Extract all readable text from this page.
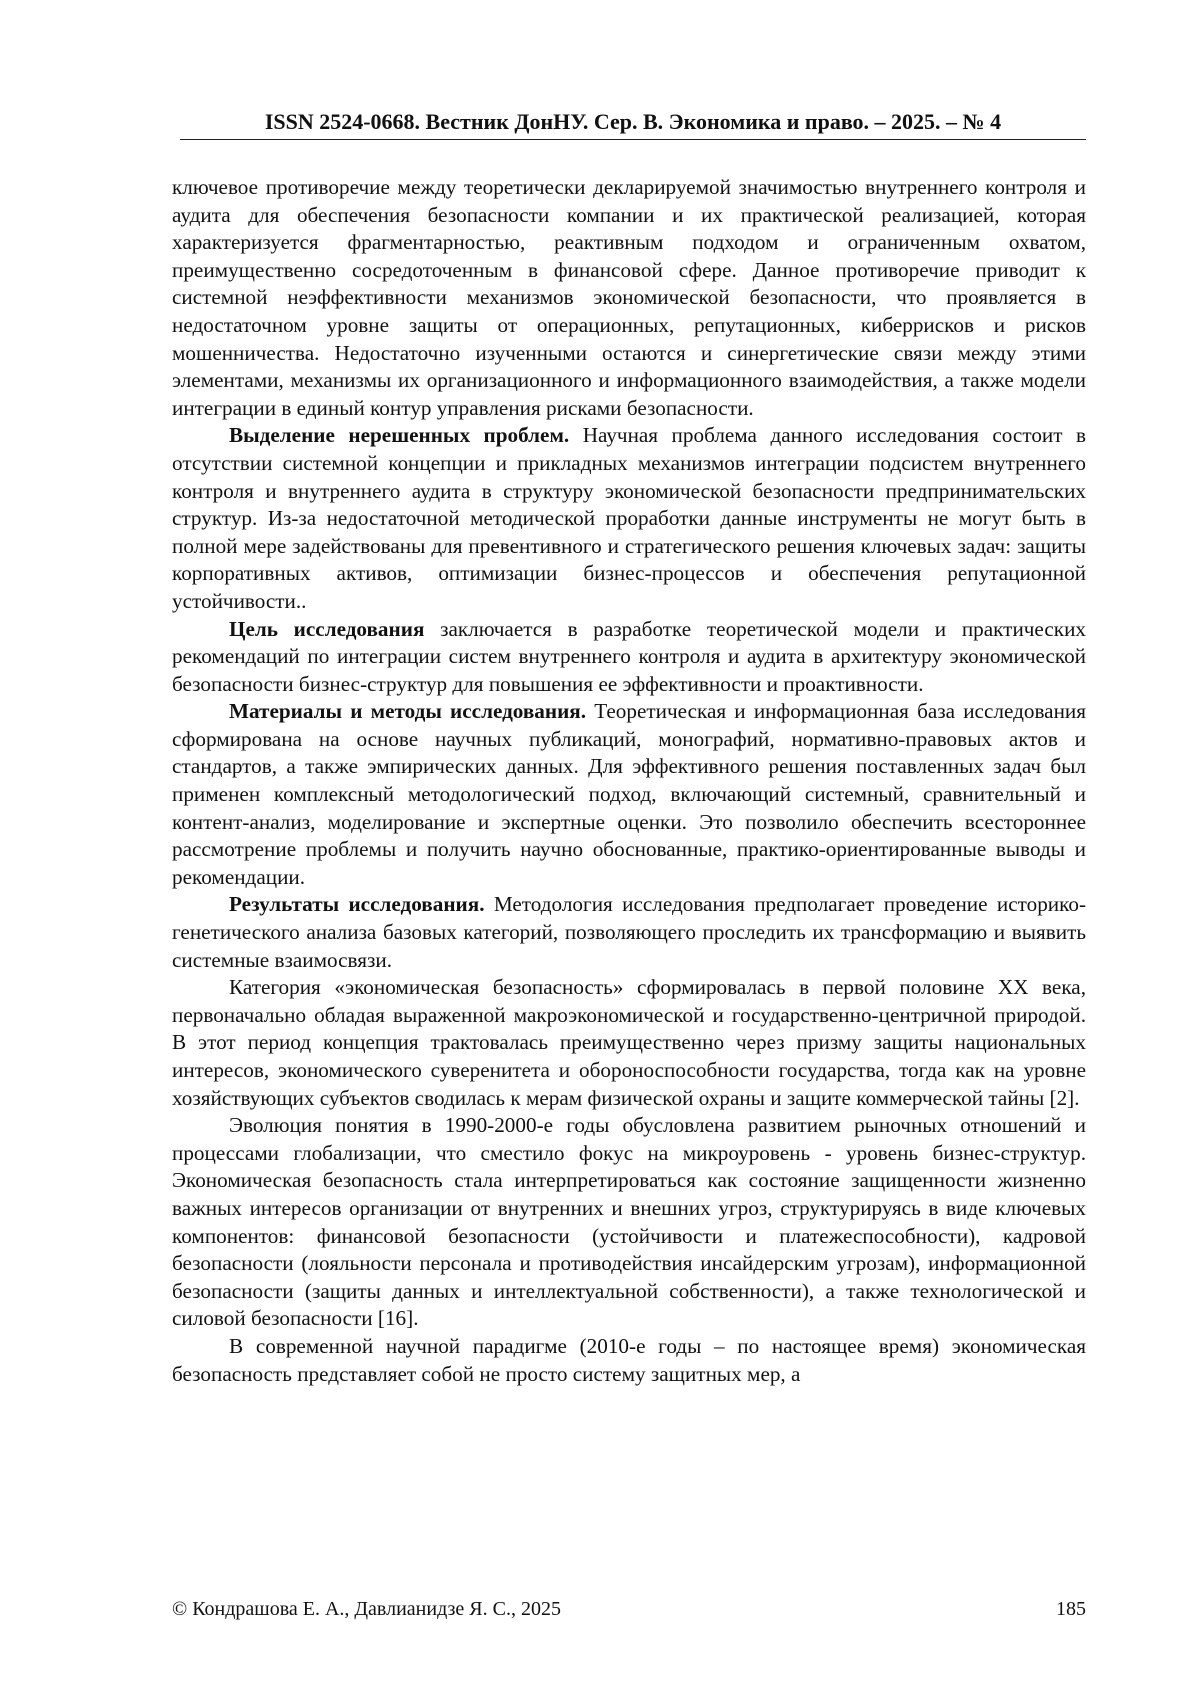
ISSN 2524-0668. Вестник ДонНУ. Сер. В. Экономика и право. – 2025. – № 4

ключевое противоречие между теоретически декларируемой значимостью внутреннего контроля и аудита для обеспечения безопасности компании и их практической реализацией, которая характеризуется фрагментарностью, реактивным подходом и ограниченным охватом, преимущественно сосредоточенным в финансовой сфере. Данное противоречие приводит к системной неэффективности механизмов экономической безопасности, что проявляется в недостаточном уровне защиты от операционных, репутационных, киберрисков и рисков мошенничества. Недостаточно изученными остаются и синергетические связи между этими элементами, механизмы их организационного и информационного взаимодействия, а также модели интеграции в единый контур управления рисками безопасности.

Выделение нерешенных проблем. Научная проблема данного исследования состоит в отсутствии системной концепции и прикладных механизмов интеграции подсистем внутреннего контроля и внутреннего аудита в структуру экономической безопасности предпринимательских структур. Из-за недостаточной методической проработки данные инструменты не могут быть в полной мере задействованы для превентивного и стратегического решения ключевых задач: защиты корпоративных активов, оптимизации бизнес-процессов и обеспечения репутационной устойчивости..

Цель исследования заключается в разработке теоретической модели и практических рекомендаций по интеграции систем внутреннего контроля и аудита в архитектуру экономической безопасности бизнес-структур для повышения ее эффективности и проактивности.

Материалы и методы исследования. Теоретическая и информационная база исследования сформирована на основе научных публикаций, монографий, нормативно-правовых актов и стандартов, а также эмпирических данных. Для эффективного решения поставленных задач был применен комплексный методологический подход, включающий системный, сравнительный и контент-анализ, моделирование и экспертные оценки. Это позволило обеспечить всестороннее рассмотрение проблемы и получить научно обоснованные, практико-ориентированные выводы и рекомендации.

Результаты исследования. Методология исследования предполагает проведение историко-генетического анализа базовых категорий, позволяющего проследить их трансформацию и выявить системные взаимосвязи.

Категория «экономическая безопасность» сформировалась в первой половине XX века, первоначально обладая выраженной макроэкономической и государственно-центричной природой. В этот период концепция трактовалась преимущественно через призму защиты национальных интересов, экономического суверенитета и обороноспособности государства, тогда как на уровне хозяйствующих субъектов сводилась к мерам физической охраны и защите коммерческой тайны [2].

Эволюция понятия в 1990-2000-е годы обусловлена развитием рыночных отношений и процессами глобализации, что сместило фокус на микроуровень - уровень бизнес-структур. Экономическая безопасность стала интерпретироваться как состояние защищенности жизненно важных интересов организации от внутренних и внешних угроз, структурируясь в виде ключевых компонентов: финансовой безопасности (устойчивости и платежеспособности), кадровой безопасности (лояльности персонала и противодействия инсайдерским угрозам), информационной безопасности (защиты данных и интеллектуальной собственности), а также технологической и силовой безопасности [16].

В современной научной парадигме (2010-е годы – по настоящее время) экономическая безопасность представляет собой не просто систему защитных мер, а

© Кондрашова Е. А., Давлианидзе Я. С., 2025	185
